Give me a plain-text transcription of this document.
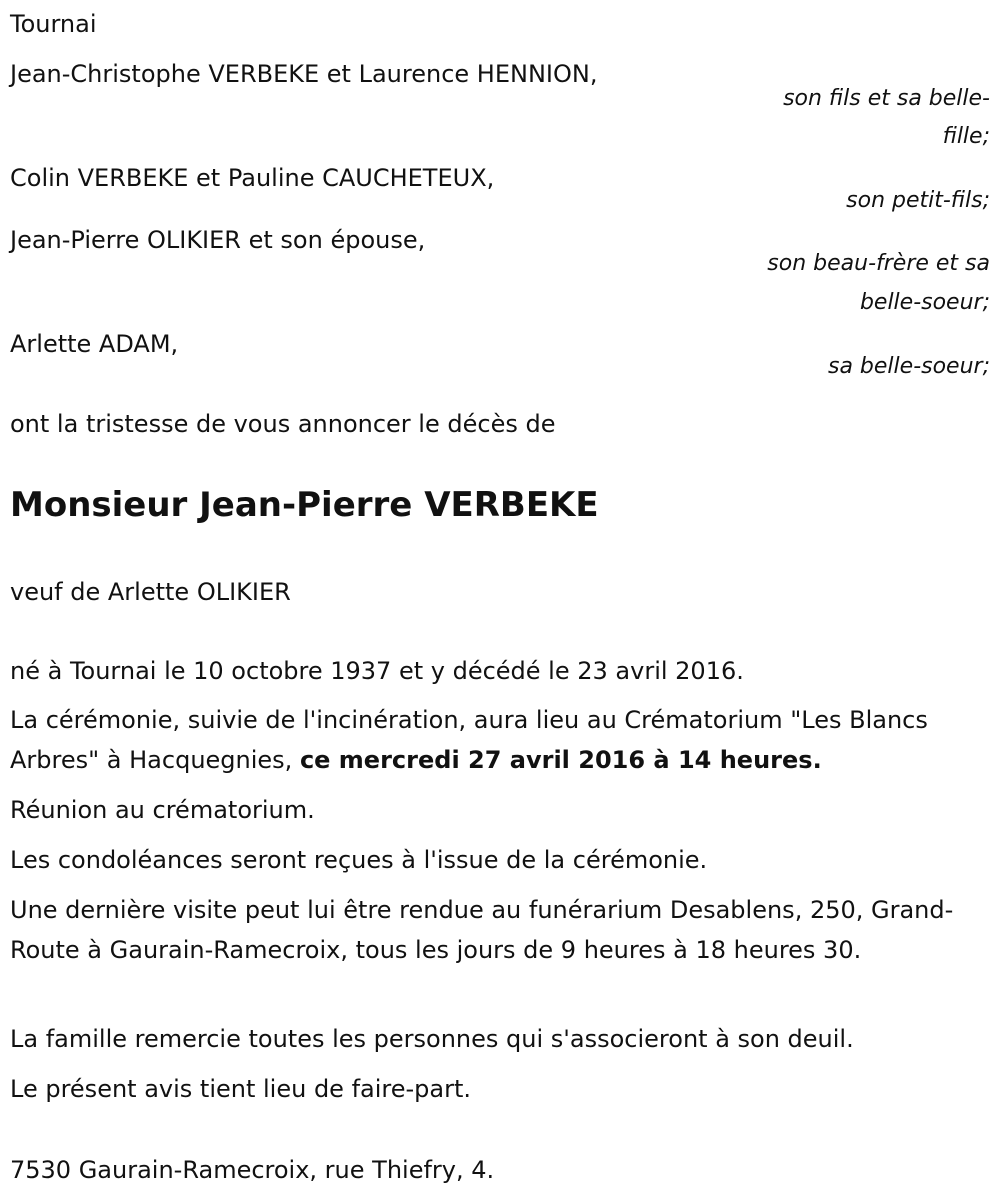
Tournai
Jean-Christophe VERBEKE et Laurence HENNION,
son fils et sa belle-
fille;
Colin VERBEKE et Pauline CAUCHETEUX,
son petit-fils;
Jean-Pierre OLIKIER et son épouse,
son beau-frère et sa
belle-soeur;
Arlette ADAM,
sa belle-soeur;
ont la tristesse de vous annoncer le décès de
Monsieur Jean-Pierre VERBEKE
veuf de Arlette OLIKIER
né à Tournai le 10 octobre 1937 et y décédé le 23 avril 2016.
La cérémonie, suivie de l'incinération, aura lieu au Crématorium "Les Blancs Arbres" à Hacquegnies, ce mercredi 27 avril 2016 à 14 heures.
Réunion au crématorium.
Les condoléances seront reçues à l'issue de la cérémonie.
Une dernière visite peut lui être rendue au funérarium Desablens, 250, Grand-Route à Gaurain-Ramecroix, tous les jours de 9 heures à 18 heures 30.
La famille remercie toutes les personnes qui s'associeront à son deuil.
Le présent avis tient lieu de faire-part.
7530 Gaurain-Ramecroix, rue Thiefry, 4.
